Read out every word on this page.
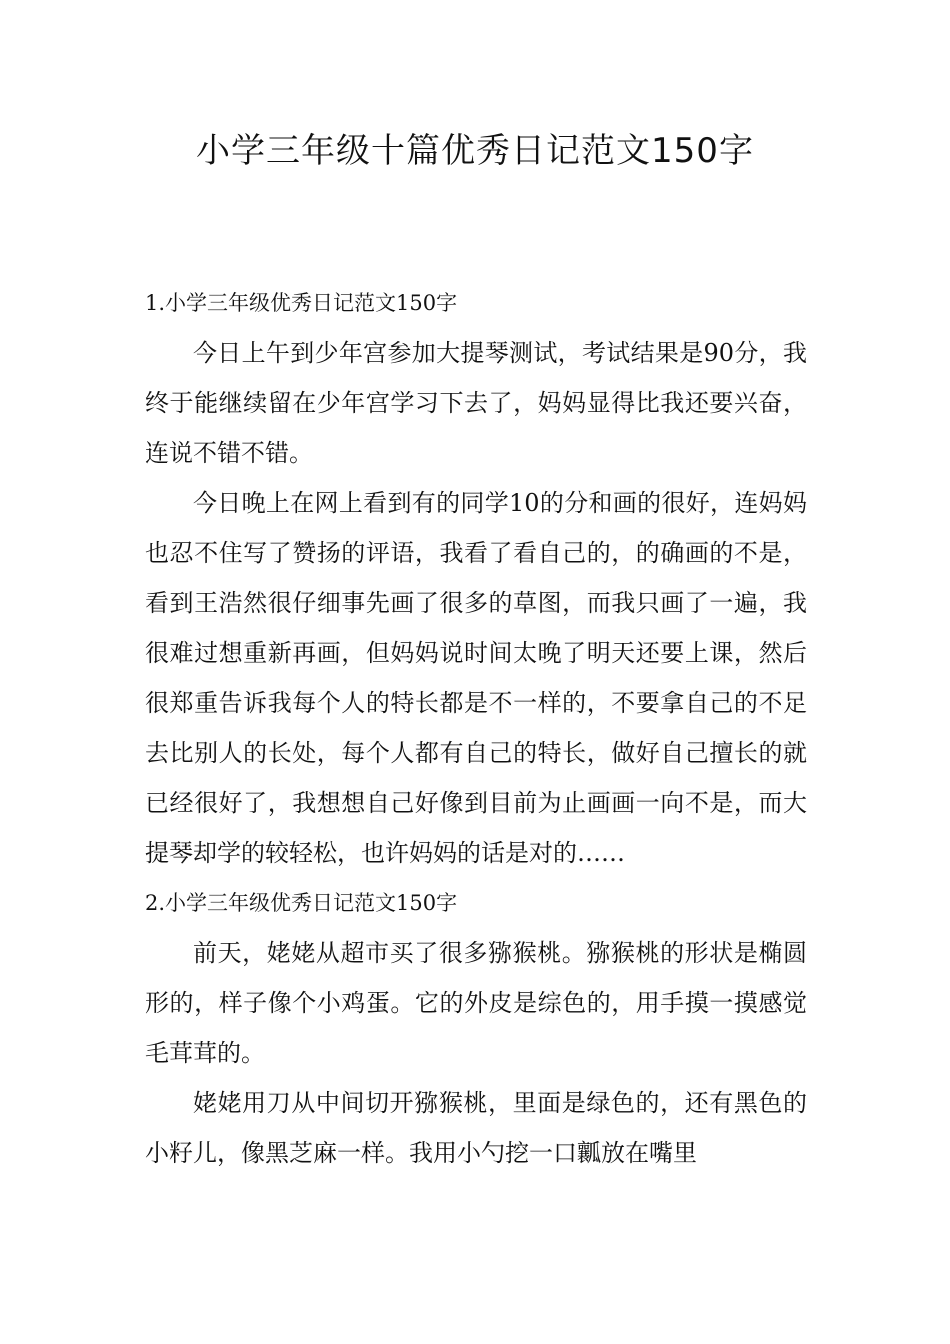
小学三年级十篇优秀日记范文150字
1.小学三年级优秀日记范文150字

今日上午到少年宫参加大提琴测试，考试结果是90分，我终于能继续留在少年宫学习下去了，妈妈显得比我还要兴奋，连说不错不错。

今日晚上在网上看到有的同学10的分和画的很好，连妈妈也忍不住写了赞扬的评语，我看了看自己的，的确画的不是，看到王浩然很仔细事先画了很多的草图，而我只画了一遍，我很难过想重新再画，但妈妈说时间太晚了明天还要上课，然后很郑重告诉我每个人的特长都是不一样的，不要拿自己的不足去比别人的长处，每个人都有自己的特长，做好自己擅长的就已经很好了，我想想自己好像到目前为止画画一向不是，而大提琴却学的较轻松，也许妈妈的话是对的……

2.小学三年级优秀日记范文150字

前天，姥姥从超市买了很多猕猴桃。猕猴桃的形状是椭圆形的，样子像个小鸡蛋。它的外皮是综色的，用手摸一摸感觉毛茸茸的。

姥姥用刀从中间切开猕猴桃，里面是绿色的，还有黑色的小籽儿，像黑芝麻一样。我用小勺挖一口瓤放在嘴里
